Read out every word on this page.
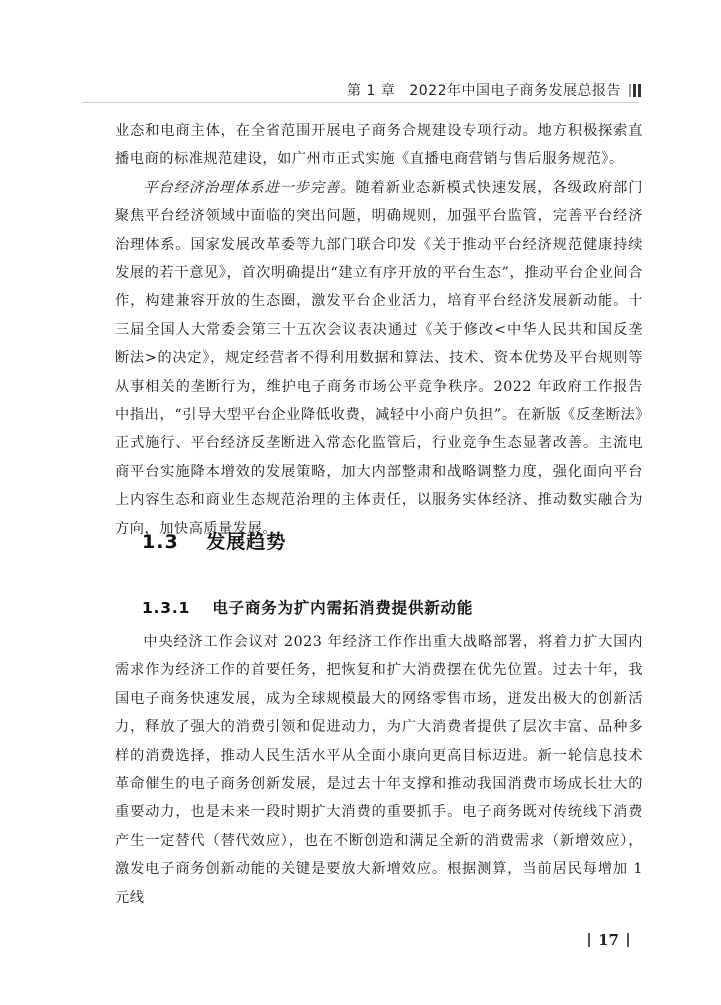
第 1 章 2022年中国电子商务发展总报告

业态和电商主体，在全省范围开展电子商务合规建设专项行动。地方积极探索直播电商的标准规范建设，如广州市正式实施《直播电商营销与售后服务规范》。

平台经济治理体系进一步完善。随着新业态新模式快速发展，各级政府部门聚焦平台经济领域中面临的突出问题，明确规则，加强平台监管，完善平台经济治理体系。国家发展改革委等九部门联合印发《关于推动平台经济规范健康持续发展的若干意见》，首次明确提出“建立有序开放的平台生态”，推动平台企业间合作，构建兼容开放的生态圈，激发平台企业活力，培育平台经济发展新动能。十三届全国人大常委会第三十五次会议表决通过《关于修改<中华人民共和国反垄断法>的决定》，规定经营者不得利用数据和算法、技术、资本优势及平台规则等从事相关的垄断行为，维护电子商务市场公平竞争秩序。2022 年政府工作报告中指出，“引导大型平台企业降低收费，减轻中小商户负担”。在新版《反垄断法》正式施行、平台经济反垄断进入常态化监管后，行业竞争生态显著改善。主流电商平台实施降本增效的发展策略，加大内部整肃和战略调整力度，强化面向平台上内容生态和商业生态规范治理的主体责任，以服务实体经济、推动数实融合为方向，加快高质量发展。

1.3 发展趋势
1.3.1 电子商务为扩内需拓消费提供新动能

中央经济工作会议对 2023 年经济工作作出重大战略部署，将着力扩大国内需求作为经济工作的首要任务，把恢复和扩大消费摆在优先位置。过去十年，我国电子商务快速发展，成为全球规模最大的网络零售市场，迸发出极大的创新活力，释放了强大的消费引领和促进动力，为广大消费者提供了层次丰富、品种多样的消费选择，推动人民生活水平从全面小康向更高目标迈进。新一轮信息技术革命催生的电子商务创新发展，是过去十年支撑和推动我国消费市场成长壮大的重要动力，也是未来一段时期扩大消费的重要抓手。电子商务既对传统线下消费产生一定替代（替代效应），也在不断创造和满足全新的消费需求（新增效应），激发电子商务创新动能的关键是要放大新增效应。根据测算，当前居民每增加 1 元线

17
